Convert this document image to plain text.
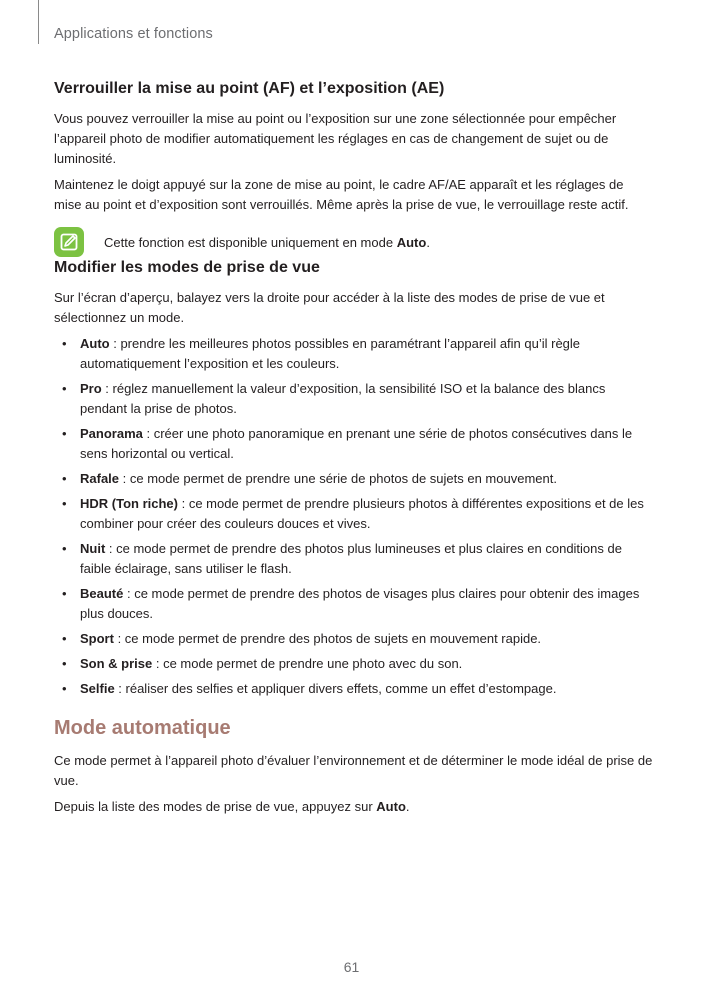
Applications et fonctions
Verrouiller la mise au point (AF) et l’exposition (AE)

Vous pouvez verrouiller la mise au point ou l’exposition sur une zone sélectionnée pour empêcher l’appareil photo de modifier automatiquement les réglages en cas de changement de sujet ou de luminosité.

Maintenez le doigt appuyé sur la zone de mise au point, le cadre AF/AE apparaît et les réglages de mise au point et d’exposition sont verrouillés. Même après la prise de vue, le verrouillage reste actif.

Cette fonction est disponible uniquement en mode Auto.
Modifier les modes de prise de vue

Sur l’écran d’aperçu, balayez vers la droite pour accéder à la liste des modes de prise de vue et sélectionnez un mode.

• Auto : prendre les meilleures photos possibles en paramétrant l’appareil afin qu’il règle automatiquement l’exposition et les couleurs.
• Pro : réglez manuellement la valeur d’exposition, la sensibilité ISO et la balance des blancs pendant la prise de photos.
• Panorama : créer une photo panoramique en prenant une série de photos consécutives dans le sens horizontal ou vertical.
• Rafale : ce mode permet de prendre une série de photos de sujets en mouvement.
• HDR (Ton riche) : ce mode permet de prendre plusieurs photos à différentes expositions et de les combiner pour créer des couleurs douces et vives.
• Nuit : ce mode permet de prendre des photos plus lumineuses et plus claires en conditions de faible éclairage, sans utiliser le flash.
• Beauté : ce mode permet de prendre des photos de visages plus claires pour obtenir des images plus douces.
• Sport : ce mode permet de prendre des photos de sujets en mouvement rapide.
• Son & prise : ce mode permet de prendre une photo avec du son.
• Selfie : réaliser des selfies et appliquer divers effets, comme un effet d’estompage.
Mode automatique

Ce mode permet à l’appareil photo d’évaluer l’environnement et de déterminer le mode idéal de prise de vue.

Depuis la liste des modes de prise de vue, appuyez sur Auto.

61
